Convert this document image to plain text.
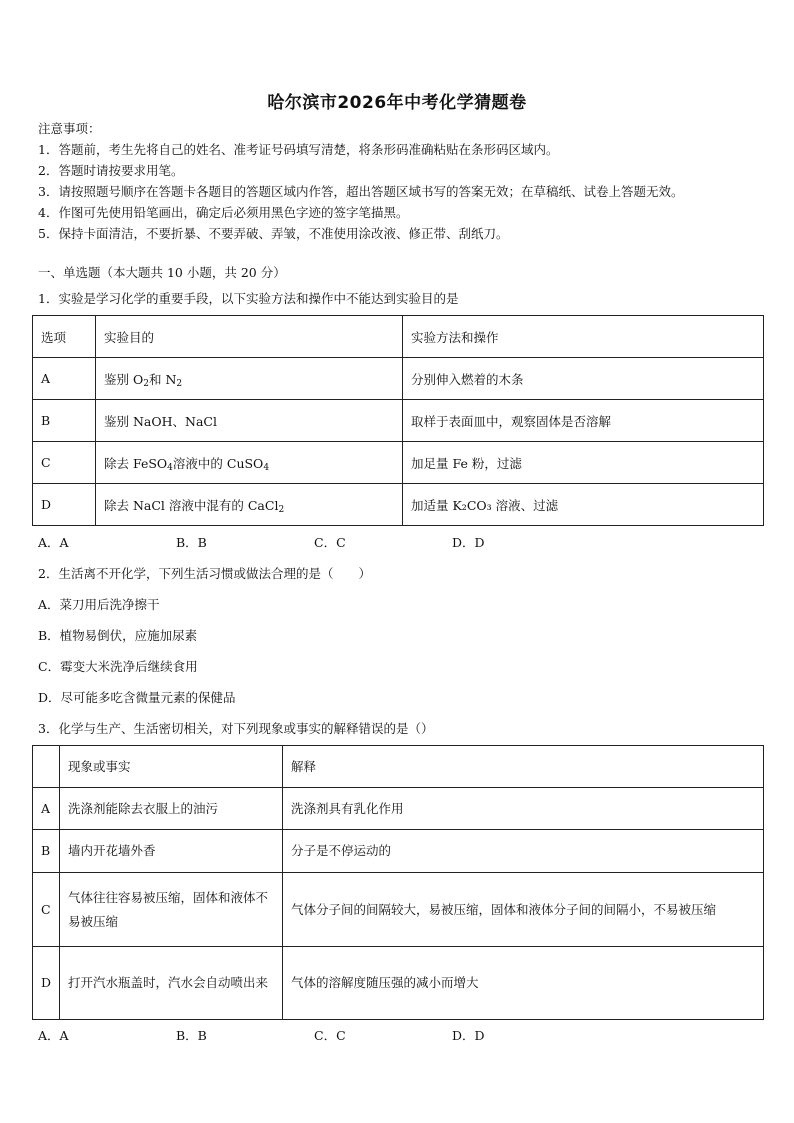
哈尔滨市2026年中考化学猜题卷
注意事项：
1．答题前，考生先将自己的姓名、准考证号码填写清楚，将条形码准确粘贴在条形码区域内。
2．答题时请按要求用笔。
3．请按照题号顺序在答题卡各题目的答题区域内作答，超出答题区域书写的答案无效；在草稿纸、试卷上答题无效。
4．作图可先使用铅笔画出，确定后必须用黑色字迹的签字笔描黑。
5．保持卡面清洁，不要折暴、不要弄破、弄皱，不准使用涂改液、修正带、刮纸刀。
一、单选题（本大题共 10 小题，共 20 分）
1．实验是学习化学的重要手段，以下实验方法和操作中不能达到实验目的是
选项	实验目的	实验方法和操作
A	鉴别 $O_2$和 $N_2$	分别伸入燃着的木条
B	鉴别 NaOH、NaCl	取样于表面皿中，观察固体是否溶解
C	除去 FeSO$_4$溶液中的 CuSO$_4$	加足量 Fe 粉，过滤
D	除去 NaCl 溶液中混有的 CaCl$_2$	加适量 K₂CO₃ 溶液、过滤
A．A	B．B	C．C	D．D
2．生活离不开化学，下列生活习惯或做法合理的是（　　）
A．菜刀用后洗净擦干
B．植物易倒伏，应施加尿素
C．霉变大米洗净后继续食用
D．尽可能多吃含微量元素的保健品
3．化学与生产、生活密切相关，对下列现象或事实的解释错误的是（）
	现象或事实	解释
A	洗涤剂能除去衣服上的油污	洗涤剂具有乳化作用
B	墙内开花墙外香	分子是不停运动的
C	气体往往容易被压缩，固体和液体不易被压缩	气体分子间的间隔较大，易被压缩，固体和液体分子间的间隔小，不易被压缩
D	打开汽水瓶盖时，汽水会自动喷出来	气体的溶解度随压强的减小而增大
A．A	B．B	C．C	D．D
